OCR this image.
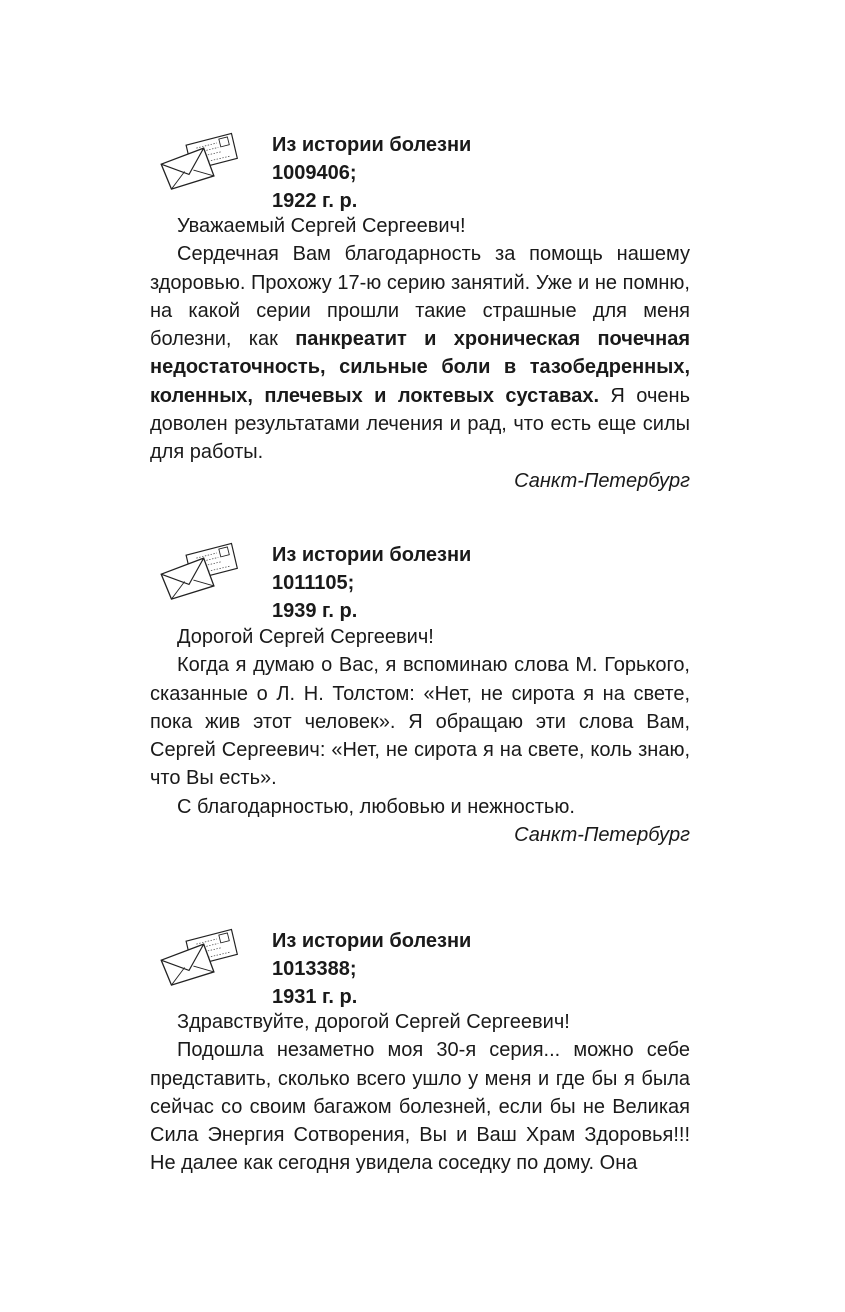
Из истории болезни
1009406;
1922 г. р.

Уважаемый Сергей Сергеевич!

Сердечная Вам благодарность за помощь нашему здоровью. Прохожу 17-ю серию занятий. Уже и не помню, на какой серии прошли такие страшные для меня болезни, как панкреатит и хроническая почечная недостаточность, сильные боли в тазобедренных, коленных, плечевых и локтевых суставах. Я очень доволен результатами лечения и рад, что есть еще силы для работы.

Санкт-Петербург

Из истории болезни
1011105;
1939 г. р.

Дорогой Сергей Сергеевич!

Когда я думаю о Вас, я вспоминаю слова М. Горького, сказанные о Л. Н. Толстом: «Нет, не сирота я на свете, пока жив этот человек». Я обращаю эти слова Вам, Сергей Сергеевич: «Нет, не сирота я на свете, коль знаю, что Вы есть».

С благодарностью, любовью и нежностью.

Санкт-Петербург

Из истории болезни
1013388;
1931 г. р.

Здравствуйте, дорогой Сергей Сергеевич!

Подошла незаметно моя 30-я серия... можно себе представить, сколько всего ушло у меня и где бы я была сейчас со своим багажом болезней, если бы не Великая Сила Энергия Сотворения, Вы и Ваш Храм Здоровья!!! Не далее как сегодня увидела соседку по дому. Она
